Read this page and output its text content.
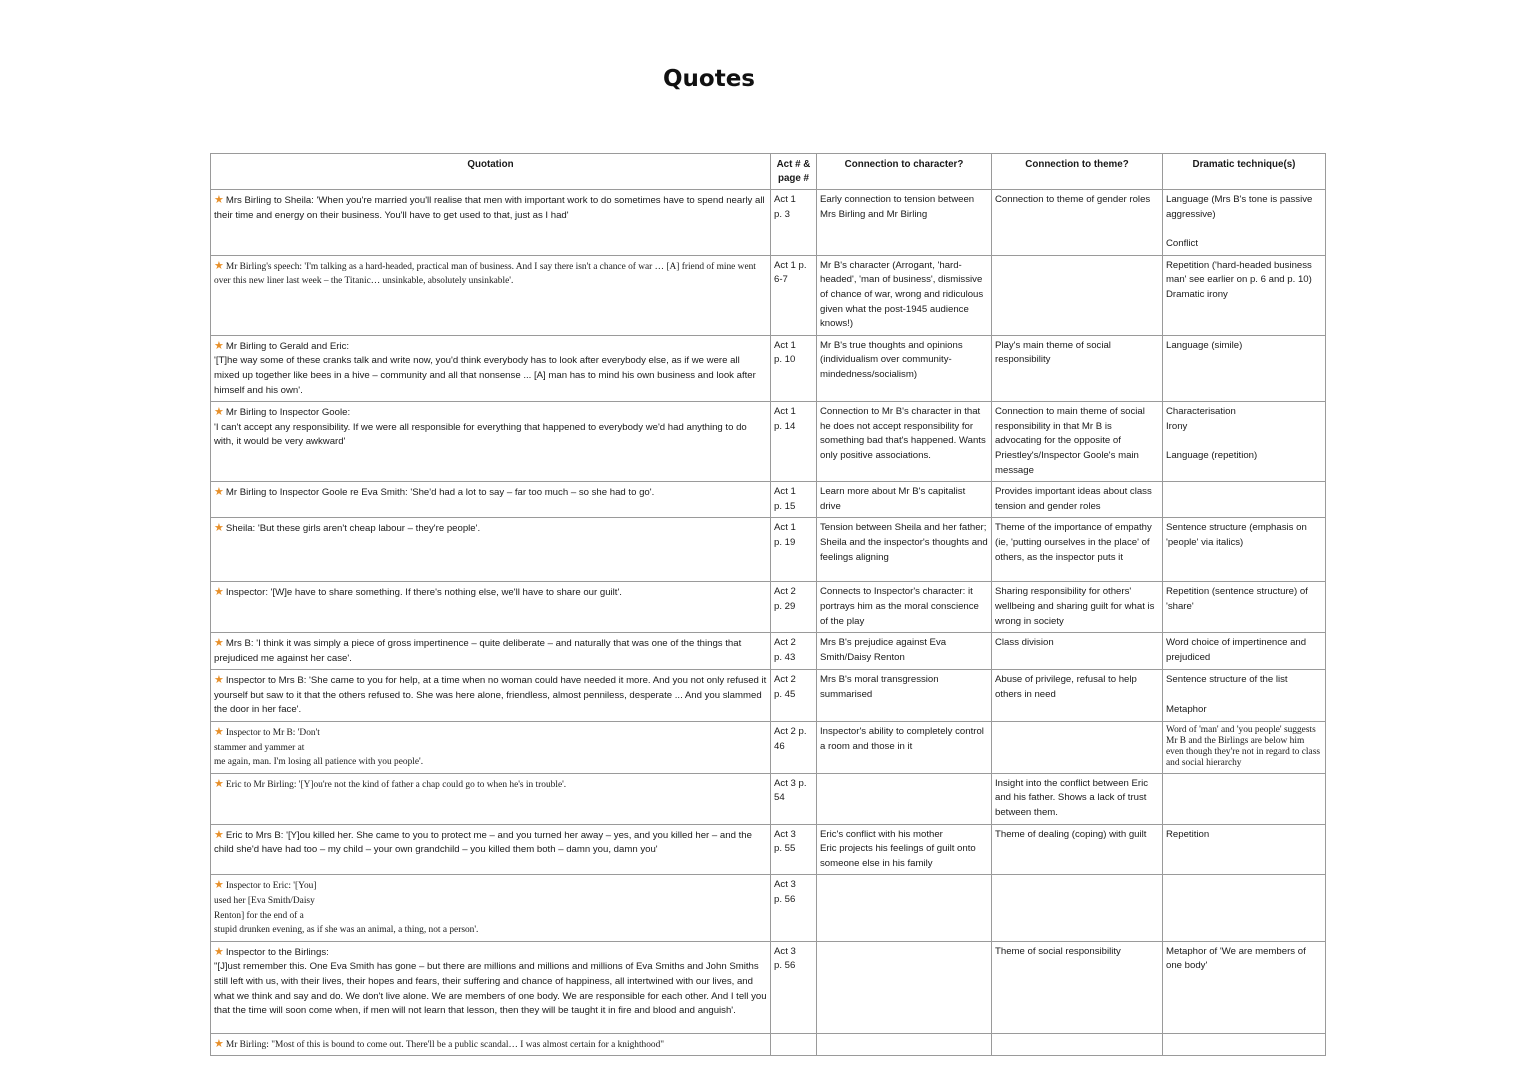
Quotes
Quotation	Act # &
page #	Connection to character?	Connection to theme?	Dramatic technique(s)
★ Mrs Birling to Sheila: 'When you're married you'll realise that men with important work to do sometimes have to spend nearly all their time and energy on their business. You'll have to get used to that, just as I had'	Act 1
p. 3	Early connection to tension between Mrs Birling and Mr Birling	Connection to theme of gender roles	Language (Mrs B's tone is passive aggressive)
Conflict

★ Mr Birling's speech: 'I'm talking as a hard-headed, practical man of business. And I say there isn't a chance of war … [A] friend of mine went over this new liner last week – the Titanic… unsinkable, absolutely unsinkable'.	Act 1 p.
6-7	Mr B's character (Arrogant, 'hard-headed', 'man of business', dismissive of chance of war, wrong and ridiculous given what the post-1945 audience knows!)		Repetition ('hard-headed business man' see earlier on p. 6 and p. 10)
Dramatic irony

★ Mr Birling to Gerald and Eric:
'[T]he way some of these cranks talk and write now, you'd think everybody has to look after everybody else, as if we were all mixed up together like bees in a hive – community and all that nonsense ... [A] man has to mind his own business and look after himself and his own'.	Act 1
p. 10	Mr B's true thoughts and opinions (individualism over community-mindedness/socialism)	Play's main theme of social responsibility	Language (simile)

★ Mr Birling to Inspector Goole:
'I can't accept any responsibility. If we were all responsible for everything that happened to everybody we'd had anything to do with, it would be very awkward'	Act 1
p. 14	Connection to Mr B's character in that he does not accept responsibility for something bad that's happened. Wants only positive associations.	Connection to main theme of social responsibility in that Mr B is advocating for the opposite of Priestley's/Inspector Goole's main message	Characterisation
Irony
Language (repetition)

★ Mr Birling to Inspector Goole re Eva Smith: 'She'd had a lot to say – far too much – so she had to go'.	Act 1
p. 15	Learn more about Mr B's capitalist drive	Provides important ideas about class tension and gender roles	
★ Sheila: 'But these girls aren't cheap labour – they're people'.	Act 1
p. 19	Tension between Sheila and her father; Sheila and the inspector's thoughts and feelings aligning	Theme of the importance of empathy (ie, 'putting ourselves in the place' of others, as the inspector puts it	Sentence structure (emphasis on 'people' via italics)

★ Inspector: '[W]e have to share something. If there's nothing else, we'll have to share our guilt'.	Act 2
p. 29	Connects to Inspector's character: it portrays him as the moral conscience of the play	Sharing responsibility for others' wellbeing and sharing guilt for what is wrong in society	Repetition (sentence structure) of 'share'

★ Mrs B: 'I think it was simply a piece of gross impertinence – quite deliberate – and naturally that was one of the things that prejudiced me against her case'.	Act 2
p. 43	Mrs B's prejudice against Eva Smith/Daisy Renton	Class division	Word choice of impertinence and prejudiced

★ Inspector to Mrs B: 'She came to you for help, at a time when no woman could have needed it more. And you not only refused it yourself but saw to it that the others refused to. She was here alone, friendless, almost penniless, desperate ... And you slammed the door in her face'.	Act 2
p. 45	Mrs B's moral transgression summarised	Abuse of privilege, refusal to help others in need	Sentence structure of the list
Metaphor

★ Inspector to Mr B: 'Don't
stammer and yammer at
me again, man. I'm losing all patience with you people'.	Act 2 p.
46	Inspector's ability to completely control a room and those in it		Word of 'man' and 'you people' suggests Mr B and the Birlings are below him even though they're not in regard to class and social hierarchy

★ Eric to Mr Birling: '[Y]ou're not the kind of father a chap could go to when he's in trouble'.	Act 3 p.
54		Insight into the conflict between Eric and his father. Shows a lack of trust between them.	
★ Eric to Mrs B: '[Y]ou killed her. She came to you to protect me – and you turned her away – yes, and you killed her – and the child she'd have had too – my child – your own grandchild – you killed them both – damn you, damn you'	Act 3
p. 55	Eric's conflict with his mother
Eric projects his feelings of guilt onto someone else in his family	Theme of dealing (coping) with guilt	Repetition

★ Inspector to Eric: '[You]
used her [Eva Smith/Daisy
Renton] for the end of a
stupid drunken evening, as if she was an animal, a thing, not a person'.	Act 3
p. 56			
★ Inspector to the Birlings:
"[J]ust remember this. One Eva Smith has gone – but there are millions and millions and millions of Eva Smiths and John Smiths still left with us, with their lives, their hopes and fears, their suffering and chance of happiness, all intertwined with our lives, and what we think and say and do. We don't live alone. We are members of one body. We are responsible for each other. And I tell you that the time will soon come when, if men will not learn that lesson, then they will be taught it in fire and blood and anguish'.	Act 3
p. 56		Theme of social responsibility	Metaphor of 'We are members of one body'

★ Mr Birling: "Most of this is bound to come out. There'll be a public scandal… I was almost certain for a knighthood"				
